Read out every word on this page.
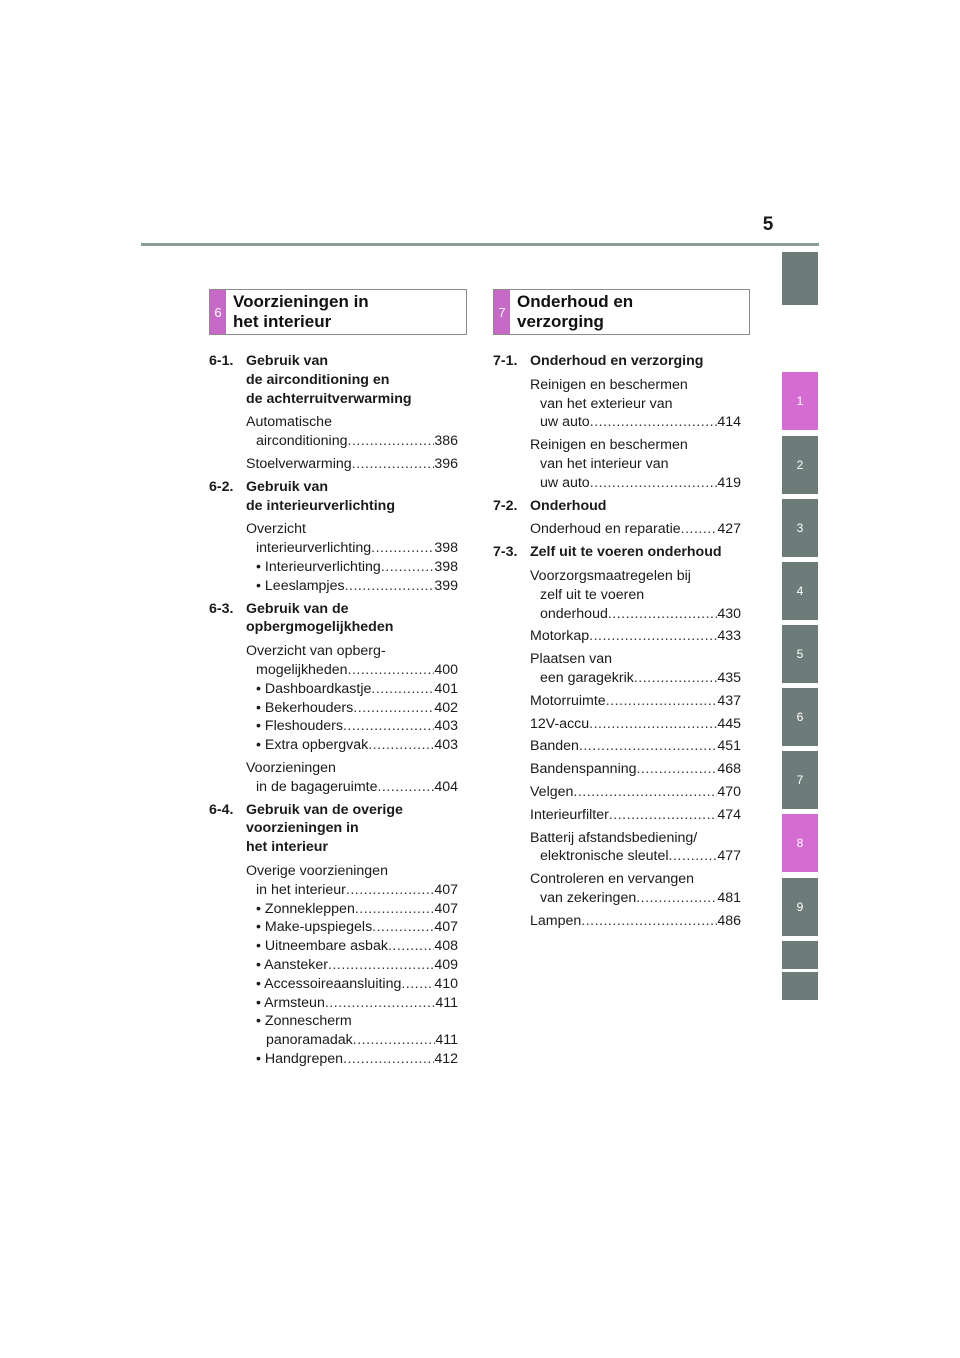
5
1
2
3
4
5
6
7
8
9
6
Voorzieningen in
het interieur	7
Onderhoud en
verzorging
6-1. Gebruik van
de airconditioning en
de achterruitverwarming
Automatische
airconditioning .....	386
Stoelverwarming .....	396
6-2. Gebruik van
de interieurverlichting
Overzicht
interieurverlichting .....	398
• Interieurverlichting .....	398
• Leeslampjes .....	399
6-3. Gebruik van de
opbergmogelijkheden
Overzicht van opberg-
mogelijkheden .....	400
• Dashboardkastje .....	401
• Bekerhouders .....	402
• Fleshouders .....	403
• Extra opbergvak .....	403
Voorzieningen
in de bagageruimte .....	404
6-4. Gebruik van de overige
voorzieningen in
het interieur
Overige voorzieningen
in het interieur .....	407
• Zonnekleppen .....	407
• Make-upspiegels .....	407
• Uitneembare asbak .....	408
• Aansteker .....	409
• Accessoireaansluiting ..... 410
• Armsteun .....	411
• Zonnescherm
panoramadak .....	411
• Handgrepen .....	412
7-1. Onderhoud en verzorging
Reinigen en beschermen
van het exterieur van
uw auto .....	414
Reinigen en beschermen
van het interieur van
uw auto .....	419
7-2. Onderhoud
Onderhoud en reparatie .....	427
7-3. Zelf uit te voeren onderhoud
Voorzorgsmaatregelen bij
zelf uit te voeren
onderhoud .....	430
Motorkap .....	433
Plaatsen van
een garagekrik .....	435
Motorruimte .....	437
12V-accu .....	445
Banden .....	451
Bandenspanning .....	468
Velgen .....	470
Interieurfilter .....	474
Batterij afstandsbediening/
elektronische sleutel .....	477
Controleren en vervangen
van zekeringen .....	481
Lampen .....	486
